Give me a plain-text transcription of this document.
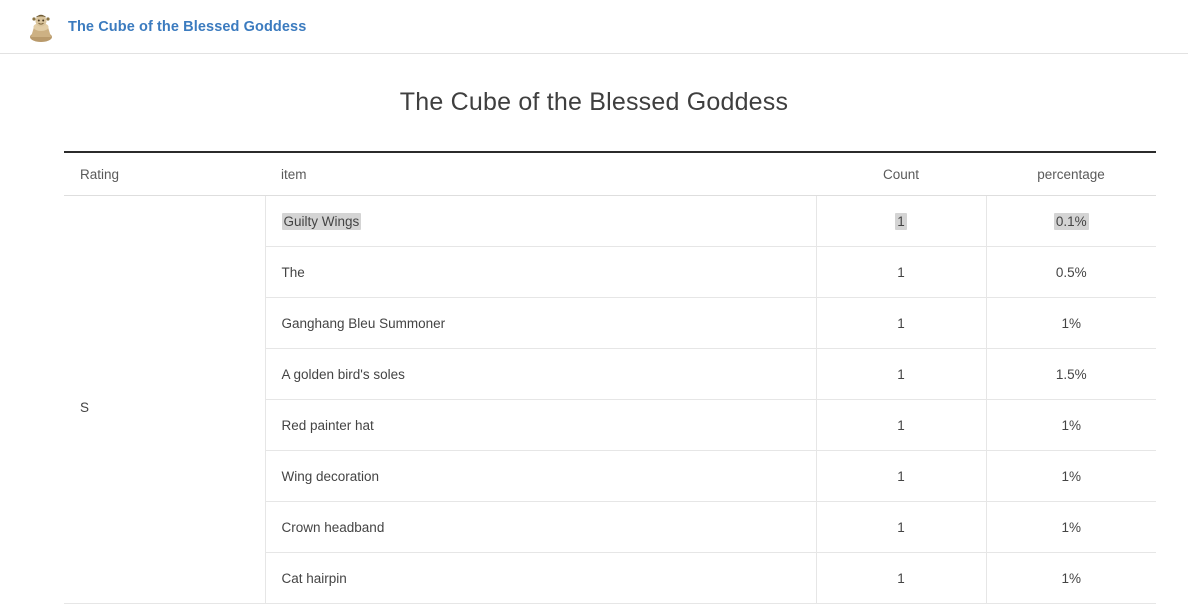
The Cube of the Blessed Goddess
The Cube of the Blessed Goddess
Rating	item	Count	percentage
S	Guilty Wings	1	0.1%
	The	1	0.5%
	Ganghang Bleu Summoner	1	1%
	A golden bird's soles	1	1.5%
	Red painter hat	1	1%
	Wing decoration	1	1%
	Crown headband	1	1%
	Cat hairpin	1	1%
